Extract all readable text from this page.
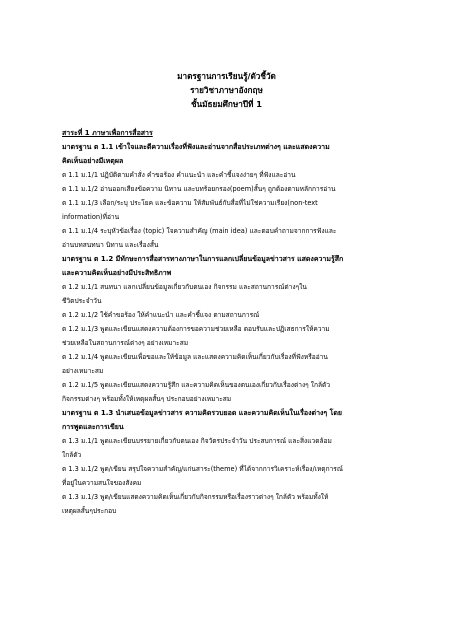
มาตรฐานการเรียนรู้/ตัวชี้วัด
รายวิชาภาษาอังกฤษ
ชั้นมัธยมศึกษาปีที่ 1

สาระที่ 1 ภาษาเพื่อการสื่อสาร

มาตรฐาน ต 1.1 เข้าใจและตีความเรื่องที่ฟังและอ่านจากสื่อประเภทต่างๆ และแสดงความ

คิดเห็นอย่างมีเหตุผล

ต 1.1 ม.1/1 ปฏิบัติตามคำสั่ง คำขอร้อง คำแนะนำ และคำชี้แจงง่ายๆ ที่ฟังและอ่าน

ต 1.1 ม.1/2 อ่านออกเสียงข้อความ นิทาน และบทร้อยกรอง(poem)สั้นๆ ถูกต้องตามหลักการอ่าน

ต 1.1 ม.1/3 เลือก/ระบุ ประโยค และข้อความ ให้สัมพันธ์กับสื่อที่ไม่ใช่ความเรียง(non-text

information)ที่อ่าน

ต 1.1 ม.1/4 ระบุหัวข้อเรื่อง (topic) ใจความสำคัญ (main idea) และตอบคำถามจากการฟังและ

อ่านบทสนทนา นิทาน และเรื่องสั้น

มาตรฐาน ต 1.2 มีทักษะการสื่อสารทางภาษาในการแลกเปลี่ยนข้อมูลข่าวสาร แสดงความรู้สึก

และความคิดเห็นอย่างมีประสิทธิภาพ

ต 1.2 ม.1/1 สนทนา แลกเปลี่ยนข้อมูลเกี่ยวกับตนเอง กิจกรรม และสถานการณ์ต่างๆใน

ชีวิตประจำวัน

ต 1.2 ม.1/2 ใช้คำขอร้อง ให้คำแนะนำ และคำชี้แจง ตามสถานการณ์

ต 1.2 ม.1/3 พูดและเขียนแสดงความต้องการขอความช่วยเหลือ ตอบรับและปฏิเสธการให้ความ

ช่วยเหลือในสถานการณ์ต่างๆ อย่างเหมาะสม

ต 1.2 ม.1/4 พูดและเขียนเพื่อขอและให้ข้อมูล และแสดงความคิดเห็นเกี่ยวกับเรื่องที่ฟังหรืออ่าน

อย่างเหมาะสม

ต 1.2 ม.1/5 พูดและเขียนแสดงความรู้สึก และความคิดเห็นของตนเองเกี่ยวกับเรื่องต่างๆ ใกล้ตัว

กิจกรรมต่างๆ พร้อมทั้งให้เหตุผลสั้นๆ ประกอบอย่างเหมาะสม

มาตรฐาน ต 1.3 นำเสนอข้อมูลข่าวสาร ความคิดรวบยอด และความคิดเห็นในเรื่องต่างๆ โดย

การพูดและการเขียน

ต 1.3 ม.1/1 พูดและเขียนบรรยายเกี่ยวกับตนเอง กิจวัตรประจำวัน ประสบการณ์ และสิ่งแวดล้อม

ใกล้ตัว

ต 1.3 ม.1/2 พูด/เขียน สรุปใจความสำคัญ/แก่นสาระ(theme) ที่ได้จากการวิเคราะห์เรื่อง/เหตุการณ์

ที่อยู่ในความสนใจของสังคม

ต 1.3 ม.1/3 พูด/เขียนแสดงความคิดเห็นเกี่ยวกับกิจกรรมหรือเรื่องราวต่างๆ ใกล้ตัว พร้อมทั้งให้

เหตุผลสั้นๆประกอบ
